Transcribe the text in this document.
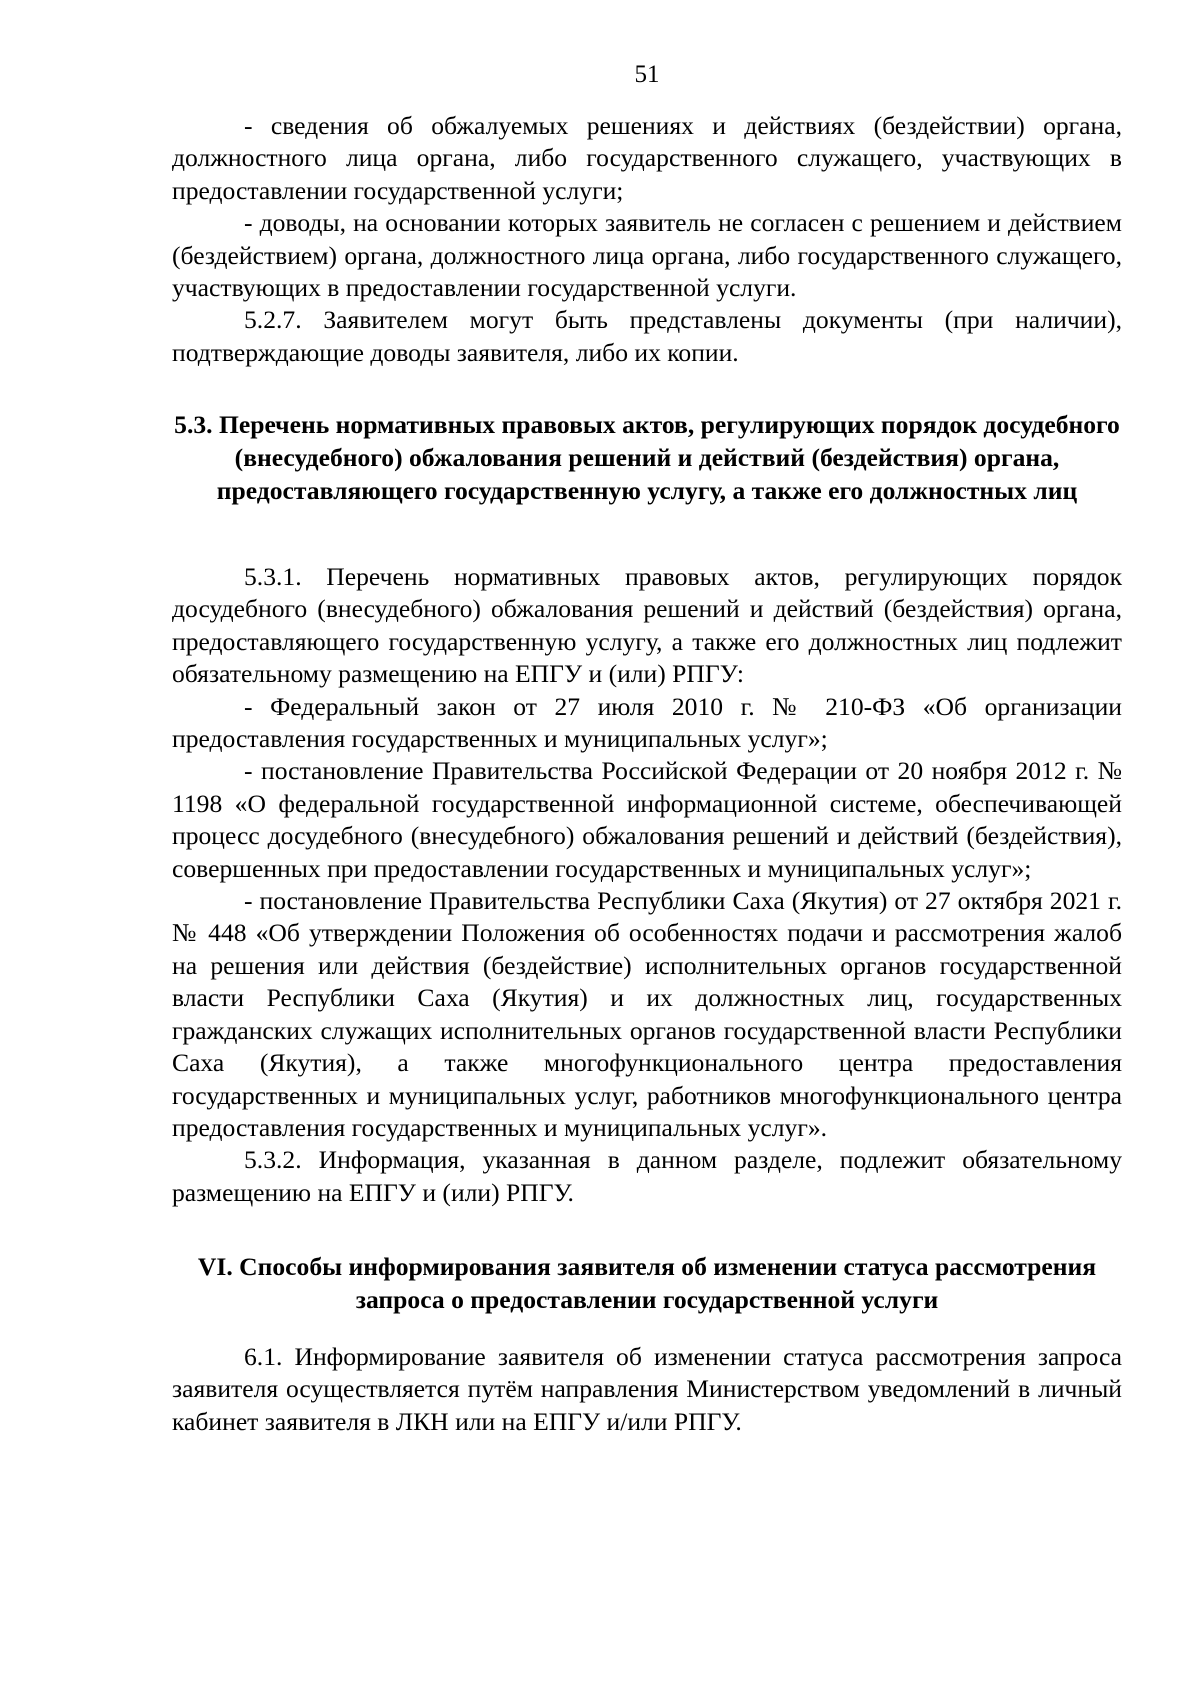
51

- сведения об обжалуемых решениях и действиях (бездействии) органа, должностного лица органа, либо государственного служащего, участвующих в предоставлении государственной услуги;

- доводы, на основании которых заявитель не согласен с решением и действием (бездействием) органа, должностного лица органа, либо государственного служащего, участвующих в предоставлении государственной услуги.

5.2.7. Заявителем могут быть представлены документы (при наличии), подтверждающие доводы заявителя, либо их копии.

5.3. Перечень нормативных правовых актов, регулирующих порядок досудебного (внесудебного) обжалования решений и действий (бездействия) органа, предоставляющего государственную услугу, а также его должностных лиц

5.3.1. Перечень нормативных правовых актов, регулирующих порядок досудебного (внесудебного) обжалования решений и действий (бездействия) органа, предоставляющего государственную услугу, а также его должностных лиц подлежит обязательному размещению на ЕПГУ и (или) РПГУ:

- Федеральный закон от 27 июля 2010 г. № 210-ФЗ «Об организации предоставления государственных и муниципальных услуг»;

- постановление Правительства Российской Федерации от 20 ноября 2012 г. № 1198 «О федеральной государственной информационной системе, обеспечивающей процесс досудебного (внесудебного) обжалования решений и действий (бездействия), совершенных при предоставлении государственных и муниципальных услуг»;

- постановление Правительства Республики Саха (Якутия) от 27 октября 2021 г. № 448 «Об утверждении Положения об особенностях подачи и рассмотрения жалоб на решения или действия (бездействие) исполнительных органов государственной власти Республики Саха (Якутия) и их должностных лиц, государственных гражданских служащих исполнительных органов государственной власти Республики Саха (Якутия), а также многофункционального центра предоставления государственных и муниципальных услуг, работников многофункционального центра предоставления государственных и муниципальных услуг».

5.3.2. Информация, указанная в данном разделе, подлежит обязательному размещению на ЕПГУ и (или) РПГУ.

VI. Способы информирования заявителя об изменении статуса рассмотрения запроса о предоставлении государственной услуги

6.1. Информирование заявителя об изменении статуса рассмотрения запроса заявителя осуществляется путём направления Министерством уведомлений в личный кабинет заявителя в ЛКН или на ЕПГУ и/или РПГУ.
